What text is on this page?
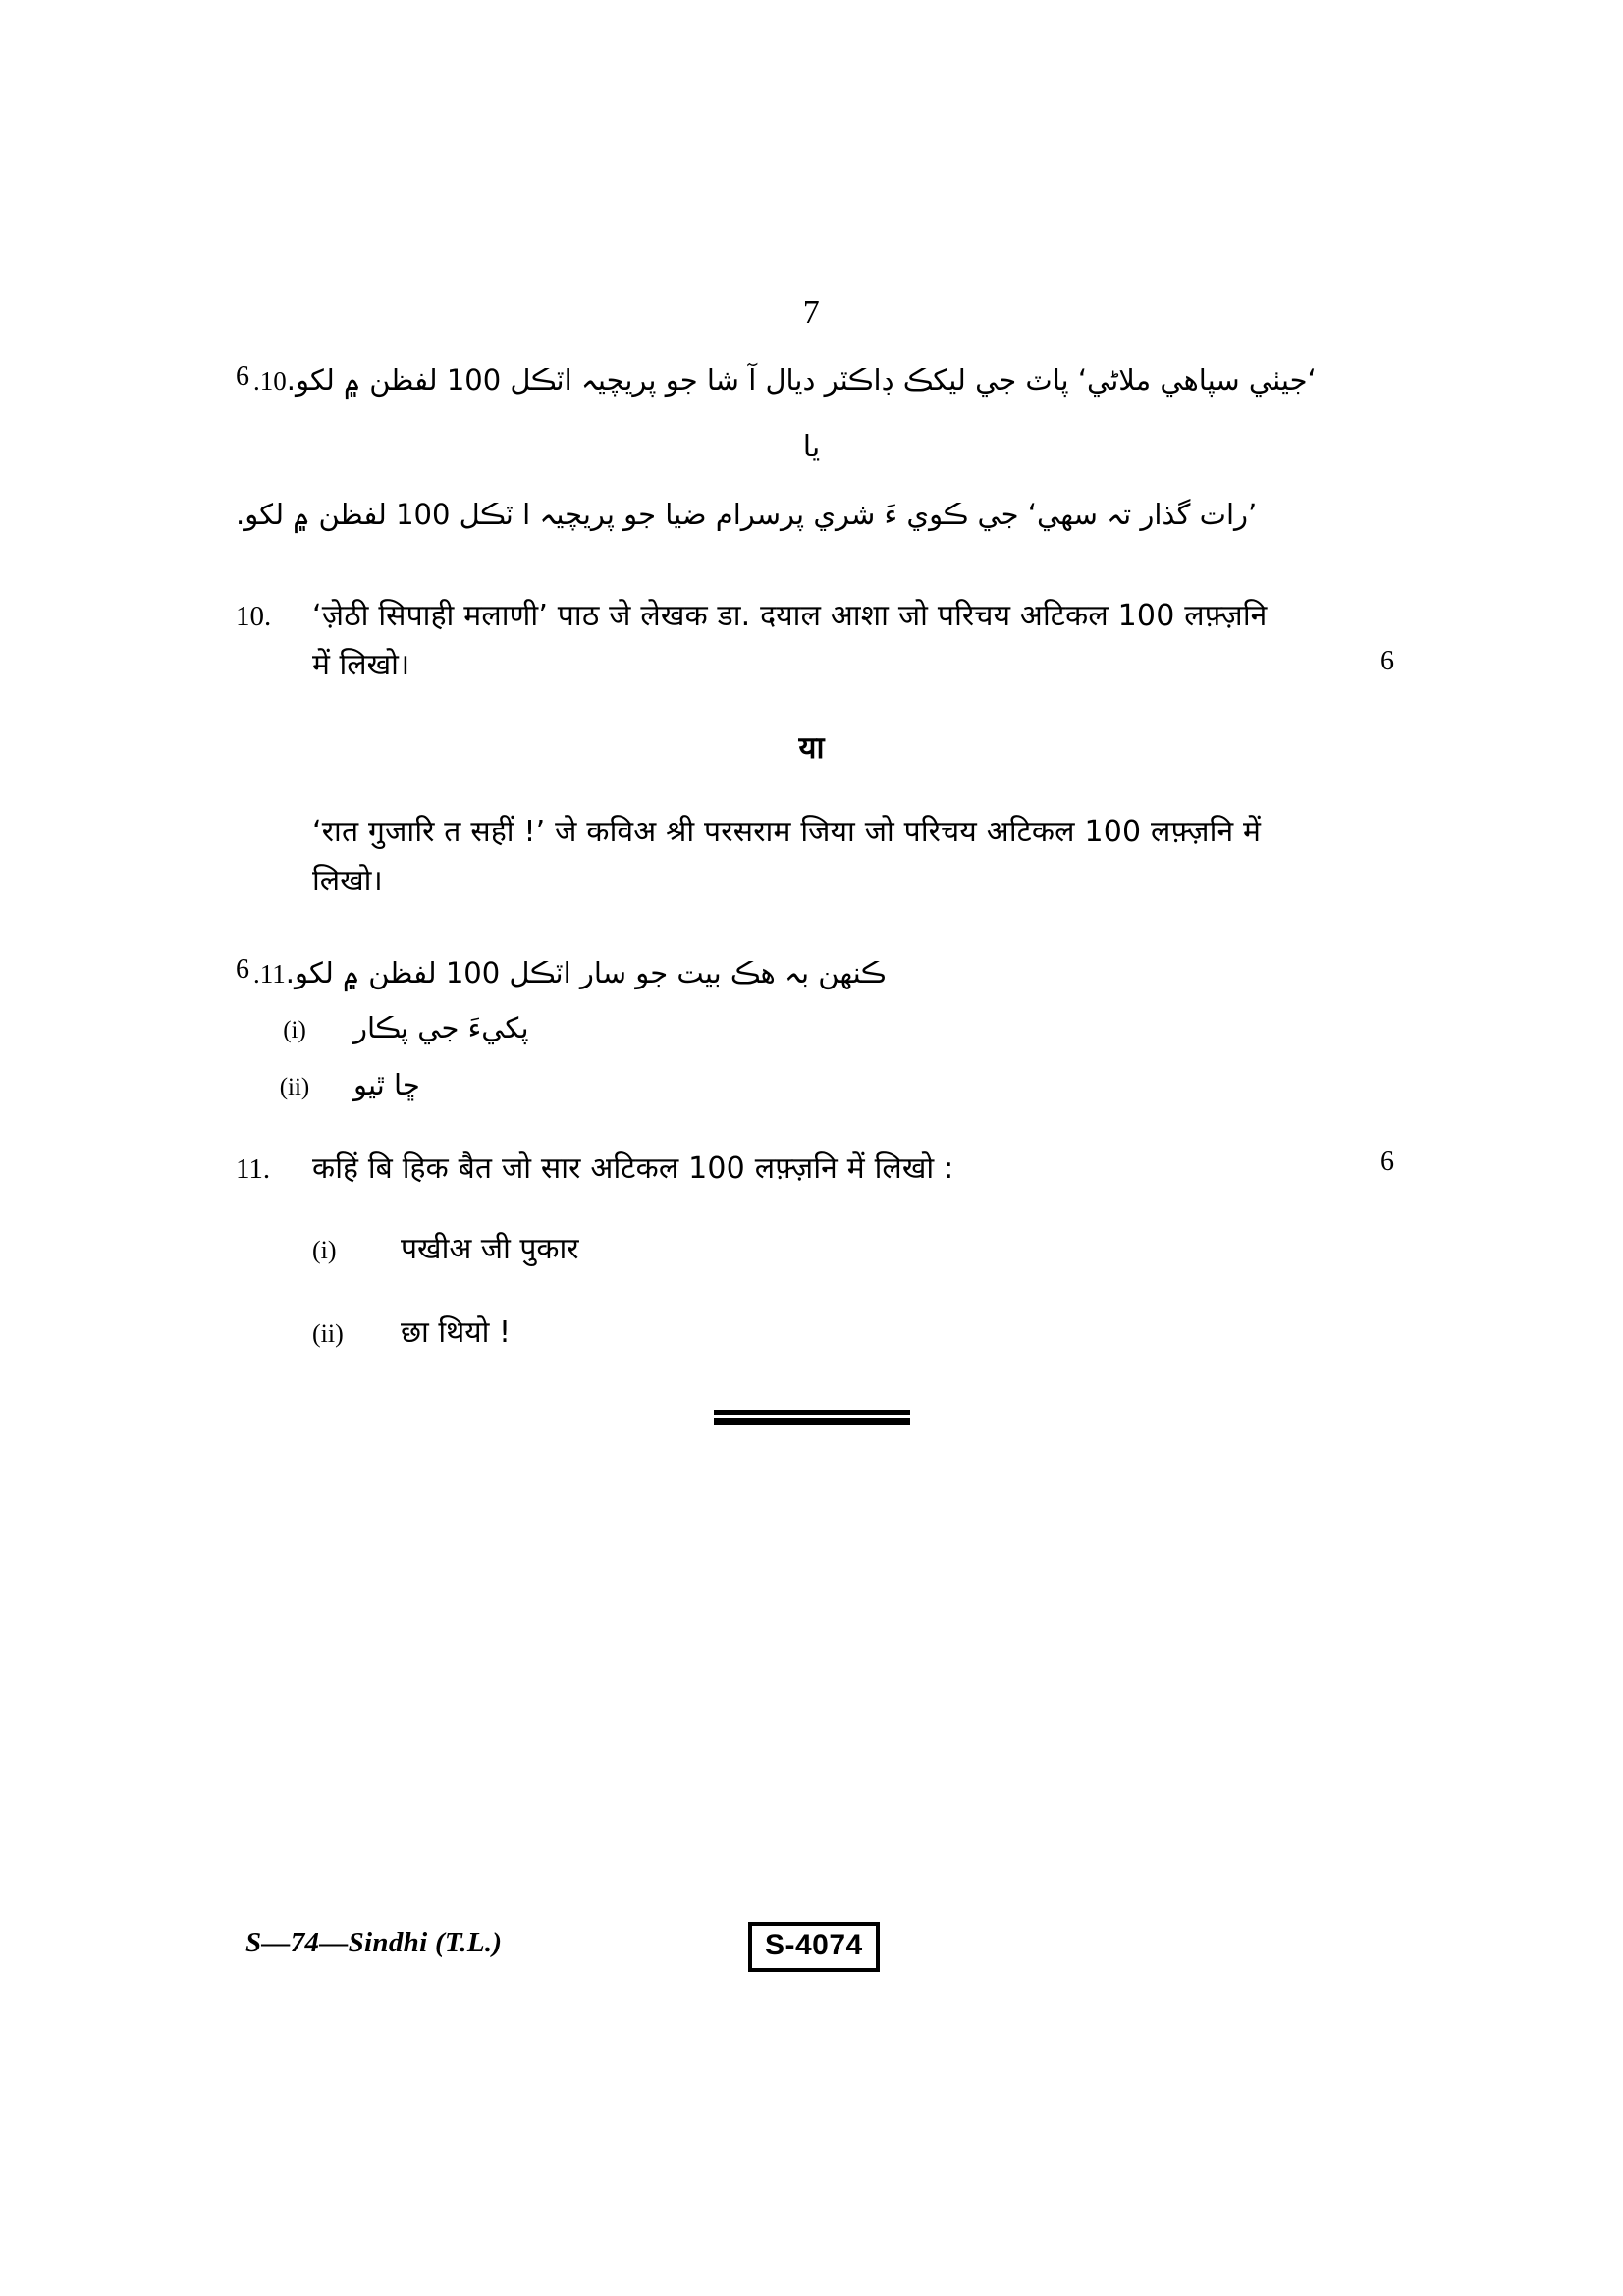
7
.10 ‘جيٺي سپاهي ملاڻي‘ پاٽ جي ليکڪ ڊاڪٽر ديال آ شا جو پريچيہ اٽڪل 100 لفظن ۾ لکو.
6
يا
’رات گذار تہ سھي‘ جي ڪوي ءَ شري پرسرام ضيا جو پريچيہ ا ٽڪل 100 لفظن ۾ لکو.
10.	‘ज़ेठी सिपाही मलाणी’ पाठ जे लेखक डा. दयाल आशा जो परिचय अटिकल 100 लफ़्ज़नि
में लिखो।	6
या
‘रात गुजारि त सहीं !’ जे कविअ श्री परसराम जिया जो परिचय अटिकल 100 लफ़्ज़नि में
लिखो।
.11 ڪنھن بہ ھڪ بيت جو سار اٽڪل 100 لفظن ۾ لکو.
6
(i)	پکيءَ جي پڪار
(ii)	ڇا ٿيو
11.	कहिं बि हिक बैत जो सार अटिकल 100 लफ़्ज़नि में लिखो :	6
(i)	पखीअ जी पुकार
(ii)	छा थियो !
S—74—Sindhi (T.L.)	S-4074
